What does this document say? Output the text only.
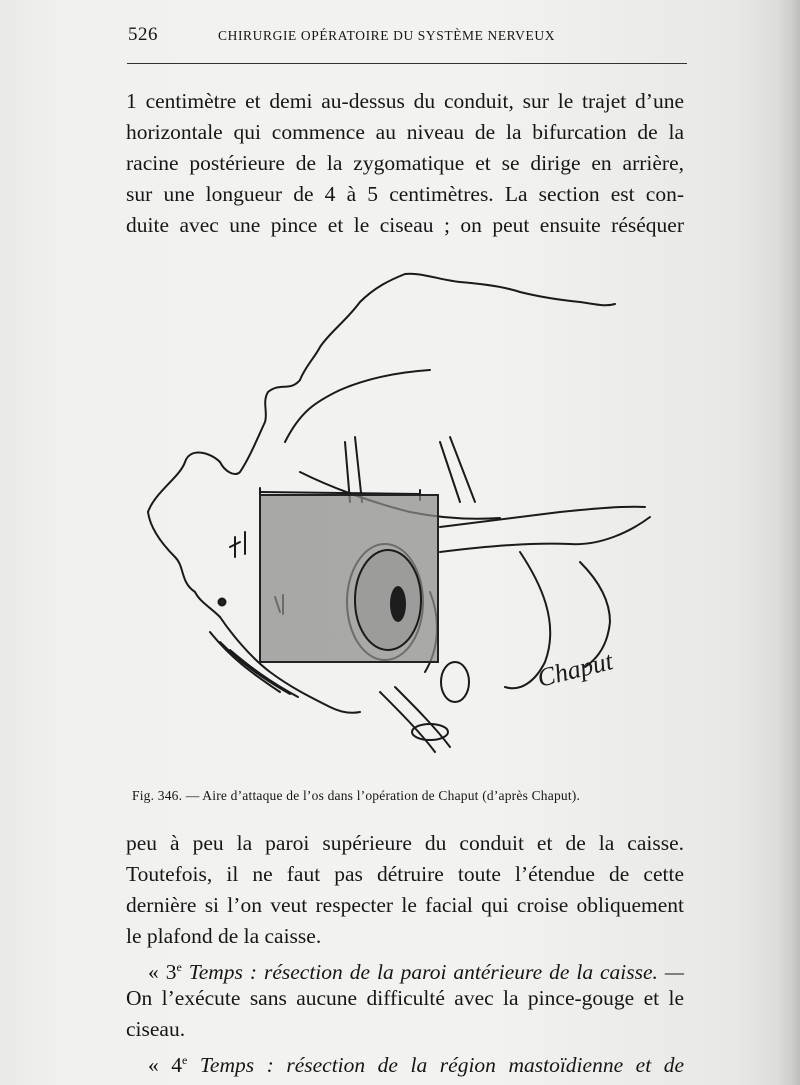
526	CHIRURGIE OPÉRATOIRE DU SYSTÈME NERVEUX
1 centimètre et demi au-dessus du conduit, sur le trajet d’une
horizontale qui commence au niveau de la bifurcation de la
racine postérieure de la zygomatique et se dirige en arrière,
sur une longueur de 4 à 5 centimètres. La section est con-
duite avec une pince et le ciseau ; on peut ensuite réséquer
Chaput
Fig. 346. — Aire d’attaque de l’os dans l’opération de Chaput (d’après Chaput).
peu à peu la paroi supérieure du conduit et de la caisse.
Toutefois, il ne faut pas détruire toute l’étendue de cette
dernière si l’on veut respecter le facial qui croise obliquement
le plafond de la caisse.
« 3e Temps : résection de la paroi antérieure de la caisse. —
On l’exécute sans aucune difficulté avec la pince-gouge et le
ciseau.
« 4e Temps : résection de la région mastoïdienne et de
